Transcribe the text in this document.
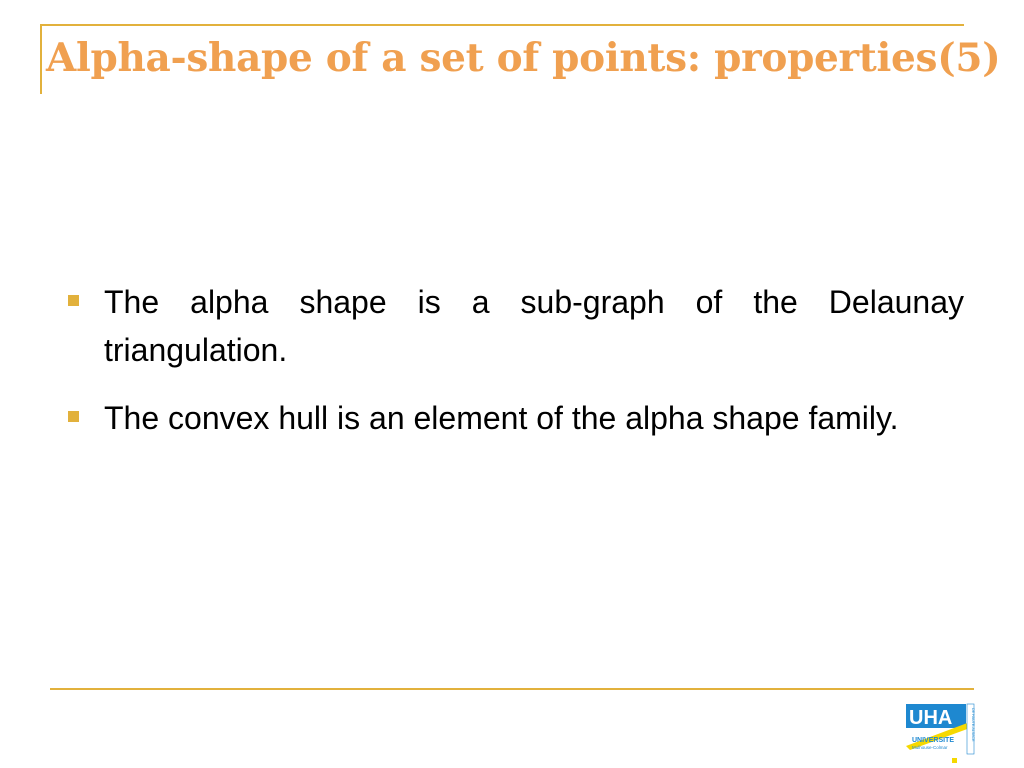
Alpha-shape of a set of points: properties(5)
The alpha shape is a sub-graph of the Delaunay triangulation.
The convex hull is an element of the alpha shape family.
UHA
UNIVERSITE
Mulhouse-Colmar
DE HAUTE-ALSACE
